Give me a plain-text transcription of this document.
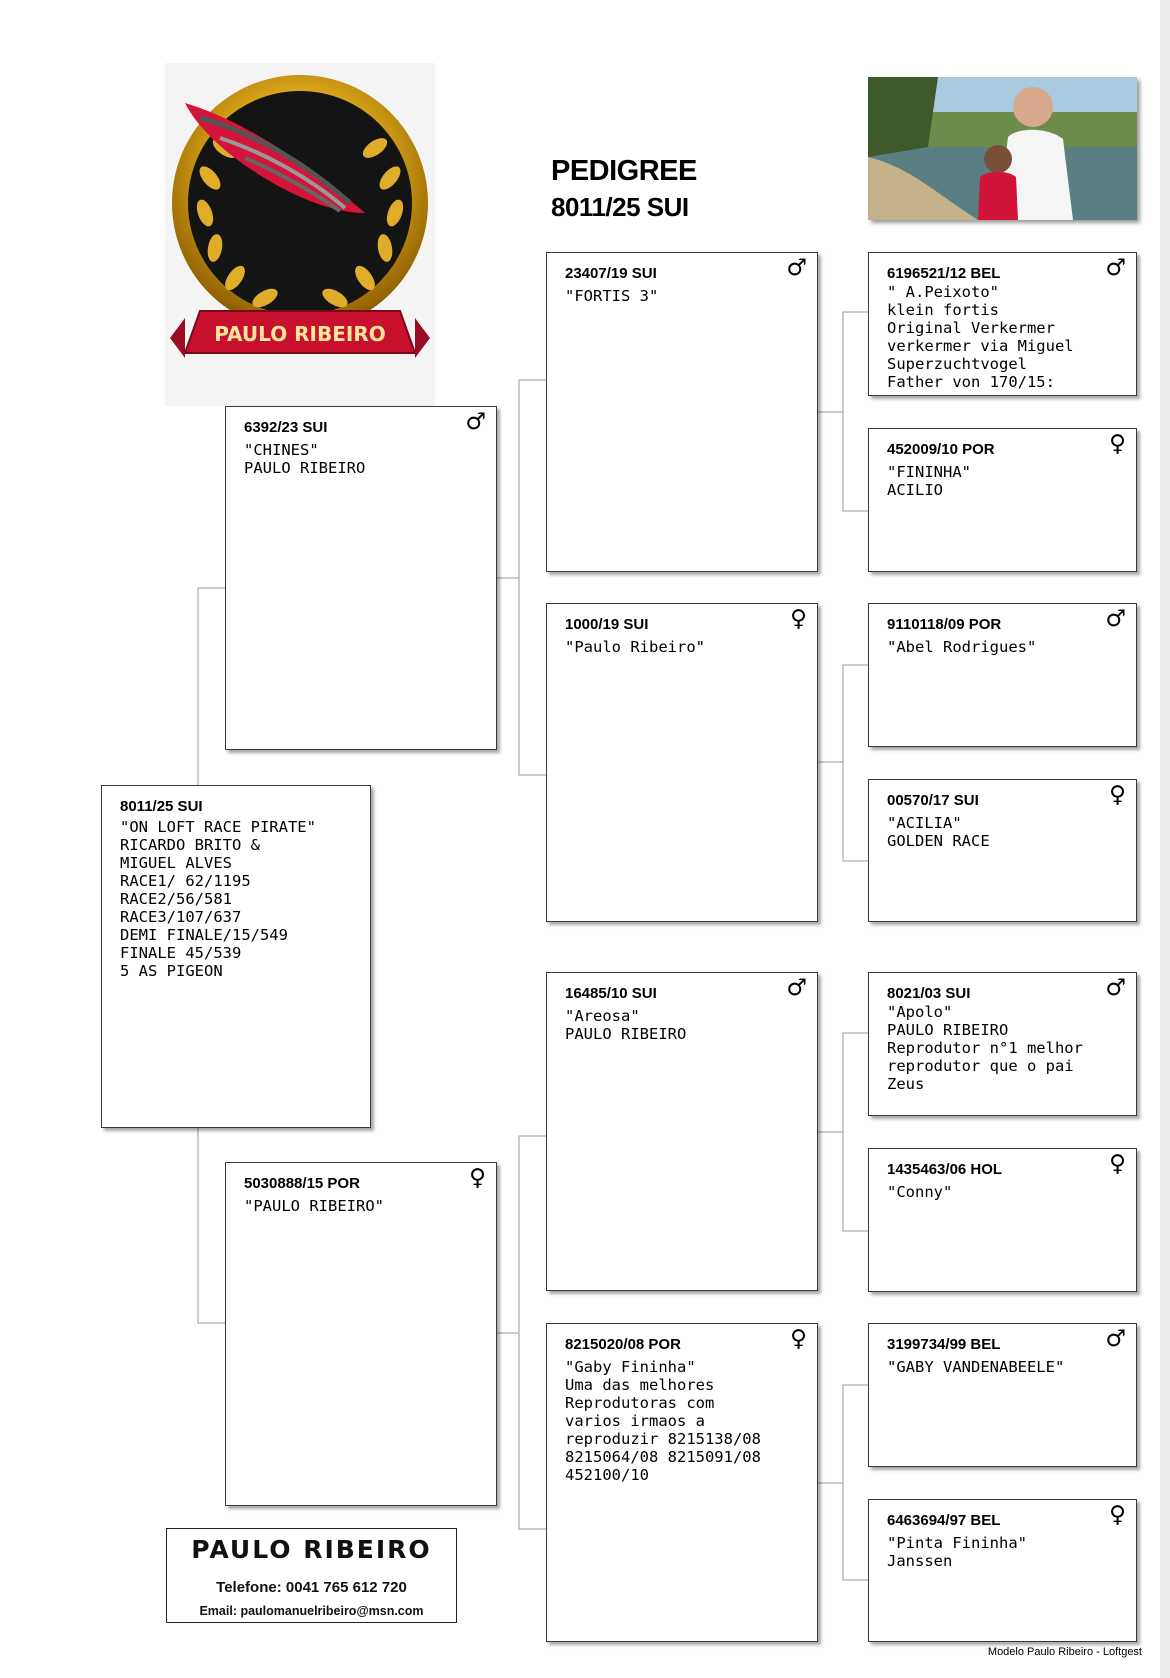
PAULO RIBEIRO
PEDIGREE
8011/25 SUI
8011/25 SUI
"ON LOFT RACE PIRATE"
RICARDO BRITO &
MIGUEL ALVES
RACE1/ 62/1195
RACE2/56/581
RACE3/107/637
DEMI FINALE/15/549
FINALE 45/539
5 AS PIGEON
6392/23 SUI	♂
"CHINES"
PAULO RIBEIRO
5030888/15 POR	♀
"PAULO RIBEIRO"
23407/19 SUI	♂
"FORTIS 3"
1000/19 SUI	♀
"Paulo Ribeiro"
16485/10 SUI	♂
"Areosa"
PAULO RIBEIRO
8215020/08 POR	♀
"Gaby Fininha"
Uma das melhores
Reprodutoras com
varios irmaos a
reproduzir 8215138/08
8215064/08 8215091/08
452100/10
6196521/12 BEL	♂
" A.Peixoto"
klein fortis
Original Verkermer
verkermer via Miguel
Superzuchtvogel
Father von 170/15:
452009/10 POR	♀
"FININHA"
ACILIO
9110118/09 POR	♂
"Abel Rodrigues"
00570/17 SUI	♀
"ACILIA"
GOLDEN RACE
8021/03 SUI	♂
"Apolo"
PAULO RIBEIRO
Reprodutor n°1 melhor
reprodutor que o pai
Zeus
1435463/06 HOL	♀
"Conny"
3199734/99 BEL	♂
"GABY VANDENABEELE"
6463694/97 BEL	♀
"Pinta Fininha"
Janssen
PAULO RIBEIRO
Telefone: 0041 765 612 720
Email: paulomanuelribeiro@msn.com
Modelo Paulo Ribeiro - Loftgest
